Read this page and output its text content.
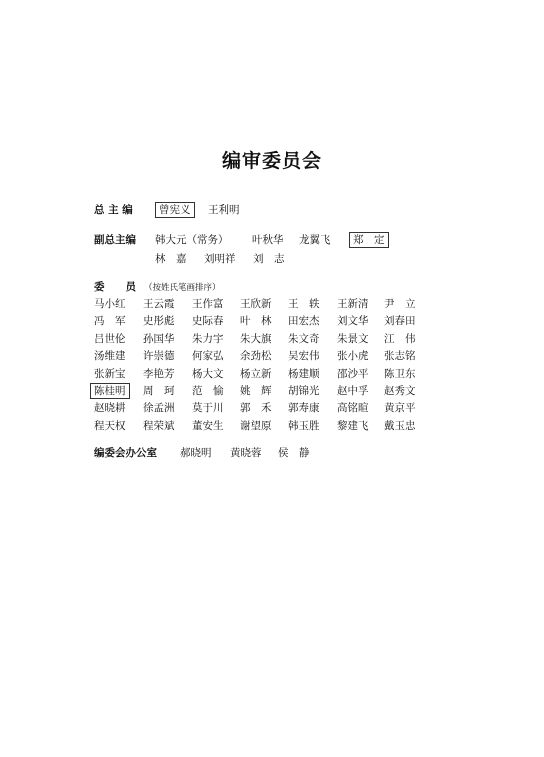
编审委员会
总 主 编	曾宪义	王利明
副总主编 韩大元（常务） 叶秋华 龙翼飞	郑　定
林　嘉 刘明祥 刘　志
委　　员 （按姓氏笔画排序）
马小红 王云霞 王作富 王欣新 王　轶 王新清 尹　立
冯　军 史彤彪 史际春 叶　林 田宏杰 刘文华 刘春田
吕世伦 孙国华 朱力宇 朱大旗 朱文奇 朱景文 江　伟
汤维建 许崇德 何家弘 余劲松 吴宏伟 张小虎 张志铭
张新宝 李艳芳 杨大文 杨立新 杨建顺 邵沙平 陈卫东
陈桂明	周　珂 范　愉 姚　辉 胡锦光 赵中孚 赵秀文
赵晓耕 徐孟洲 莫于川 郭　禾 郭寿康 高铭暄 黄京平
程天权 程荣斌 董安生 谢望原 韩玉胜 黎建飞 戴玉忠
编委会办公室 郝晓明 黄晓蓉 侯　静
